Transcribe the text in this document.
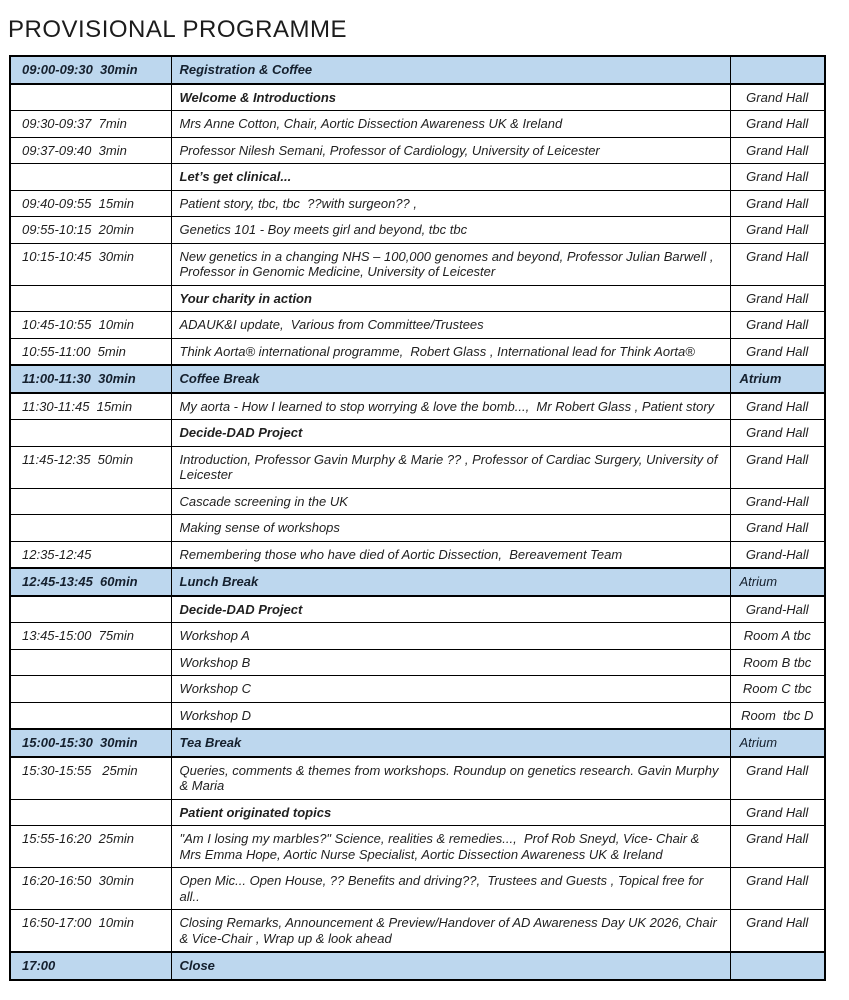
PROVISIONAL PROGRAMME
09:00-09:30  30min	Registration & Coffee	
	Welcome & Introductions	Grand Hall
09:30-09:37  7min	Mrs Anne Cotton, Chair, Aortic Dissection Awareness UK & Ireland	Grand Hall
09:37-09:40  3min	Professor Nilesh Semani, Professor of Cardiology, University of Leicester	Grand Hall
	Let’s get clinical...	Grand Hall
09:40-09:55  15min	Patient story, tbc, tbc  ??with surgeon?? ,	Grand Hall
09:55-10:15  20min	Genetics 101 - Boy meets girl and beyond, tbc tbc	Grand Hall
10:15-10:45  30min	New genetics in a changing NHS – 100,000 genomes and beyond, Professor Julian Barwell , Professor in Genomic Medicine, University of Leicester	Grand Hall
	Your charity in action	Grand Hall
10:45-10:55  10min	ADAUK&I update,  Various from Committee/Trustees	Grand Hall
10:55-11:00  5min	Think Aorta® international programme,  Robert Glass , International lead for Think Aorta®	Grand Hall
11:00-11:30  30min	Coffee Break	Atrium
11:30-11:45  15min	My aorta - How I learned to stop worrying & love the bomb...,  Mr Robert Glass , Patient story	Grand Hall
	Decide-DAD Project	Grand Hall
11:45-12:35  50min	Introduction, Professor Gavin Murphy & Marie ?? , Professor of Cardiac Surgery, University of Leicester	Grand Hall
	Cascade screening in the UK	Grand-Hall
	Making sense of workshops	Grand Hall
12:35-12:45	Remembering those who have died of Aortic Dissection,  Bereavement Team	Grand-Hall
12:45-13:45  60min	Lunch Break	Atrium
	Decide-DAD Project	Grand-Hall
13:45-15:00  75min	Workshop A	Room A tbc
	Workshop B	Room B tbc
	Workshop C	Room C tbc
	Workshop D	Room  tbc D
15:00-15:30  30min	Tea Break	Atrium
15:30-15:55   25min	Queries, comments & themes from workshops. Roundup on genetics research. Gavin Murphy & Maria	Grand Hall
	Patient originated topics	Grand Hall
15:55-16:20  25min	"Am I losing my marbles?" Science, realities & remedies...,  Prof Rob Sneyd, Vice- Chair & Mrs Emma Hope, Aortic Nurse Specialist, Aortic Dissection Awareness UK & Ireland	Grand Hall
16:20-16:50  30min	Open Mic... Open House, ?? Benefits and driving??,  Trustees and Guests , Topical free for all..	Grand Hall
16:50-17:00  10min	Closing Remarks, Announcement & Preview/Handover of AD Awareness Day UK 2026, Chair & Vice-Chair , Wrap up & look ahead	Grand Hall
17:00	Close	
